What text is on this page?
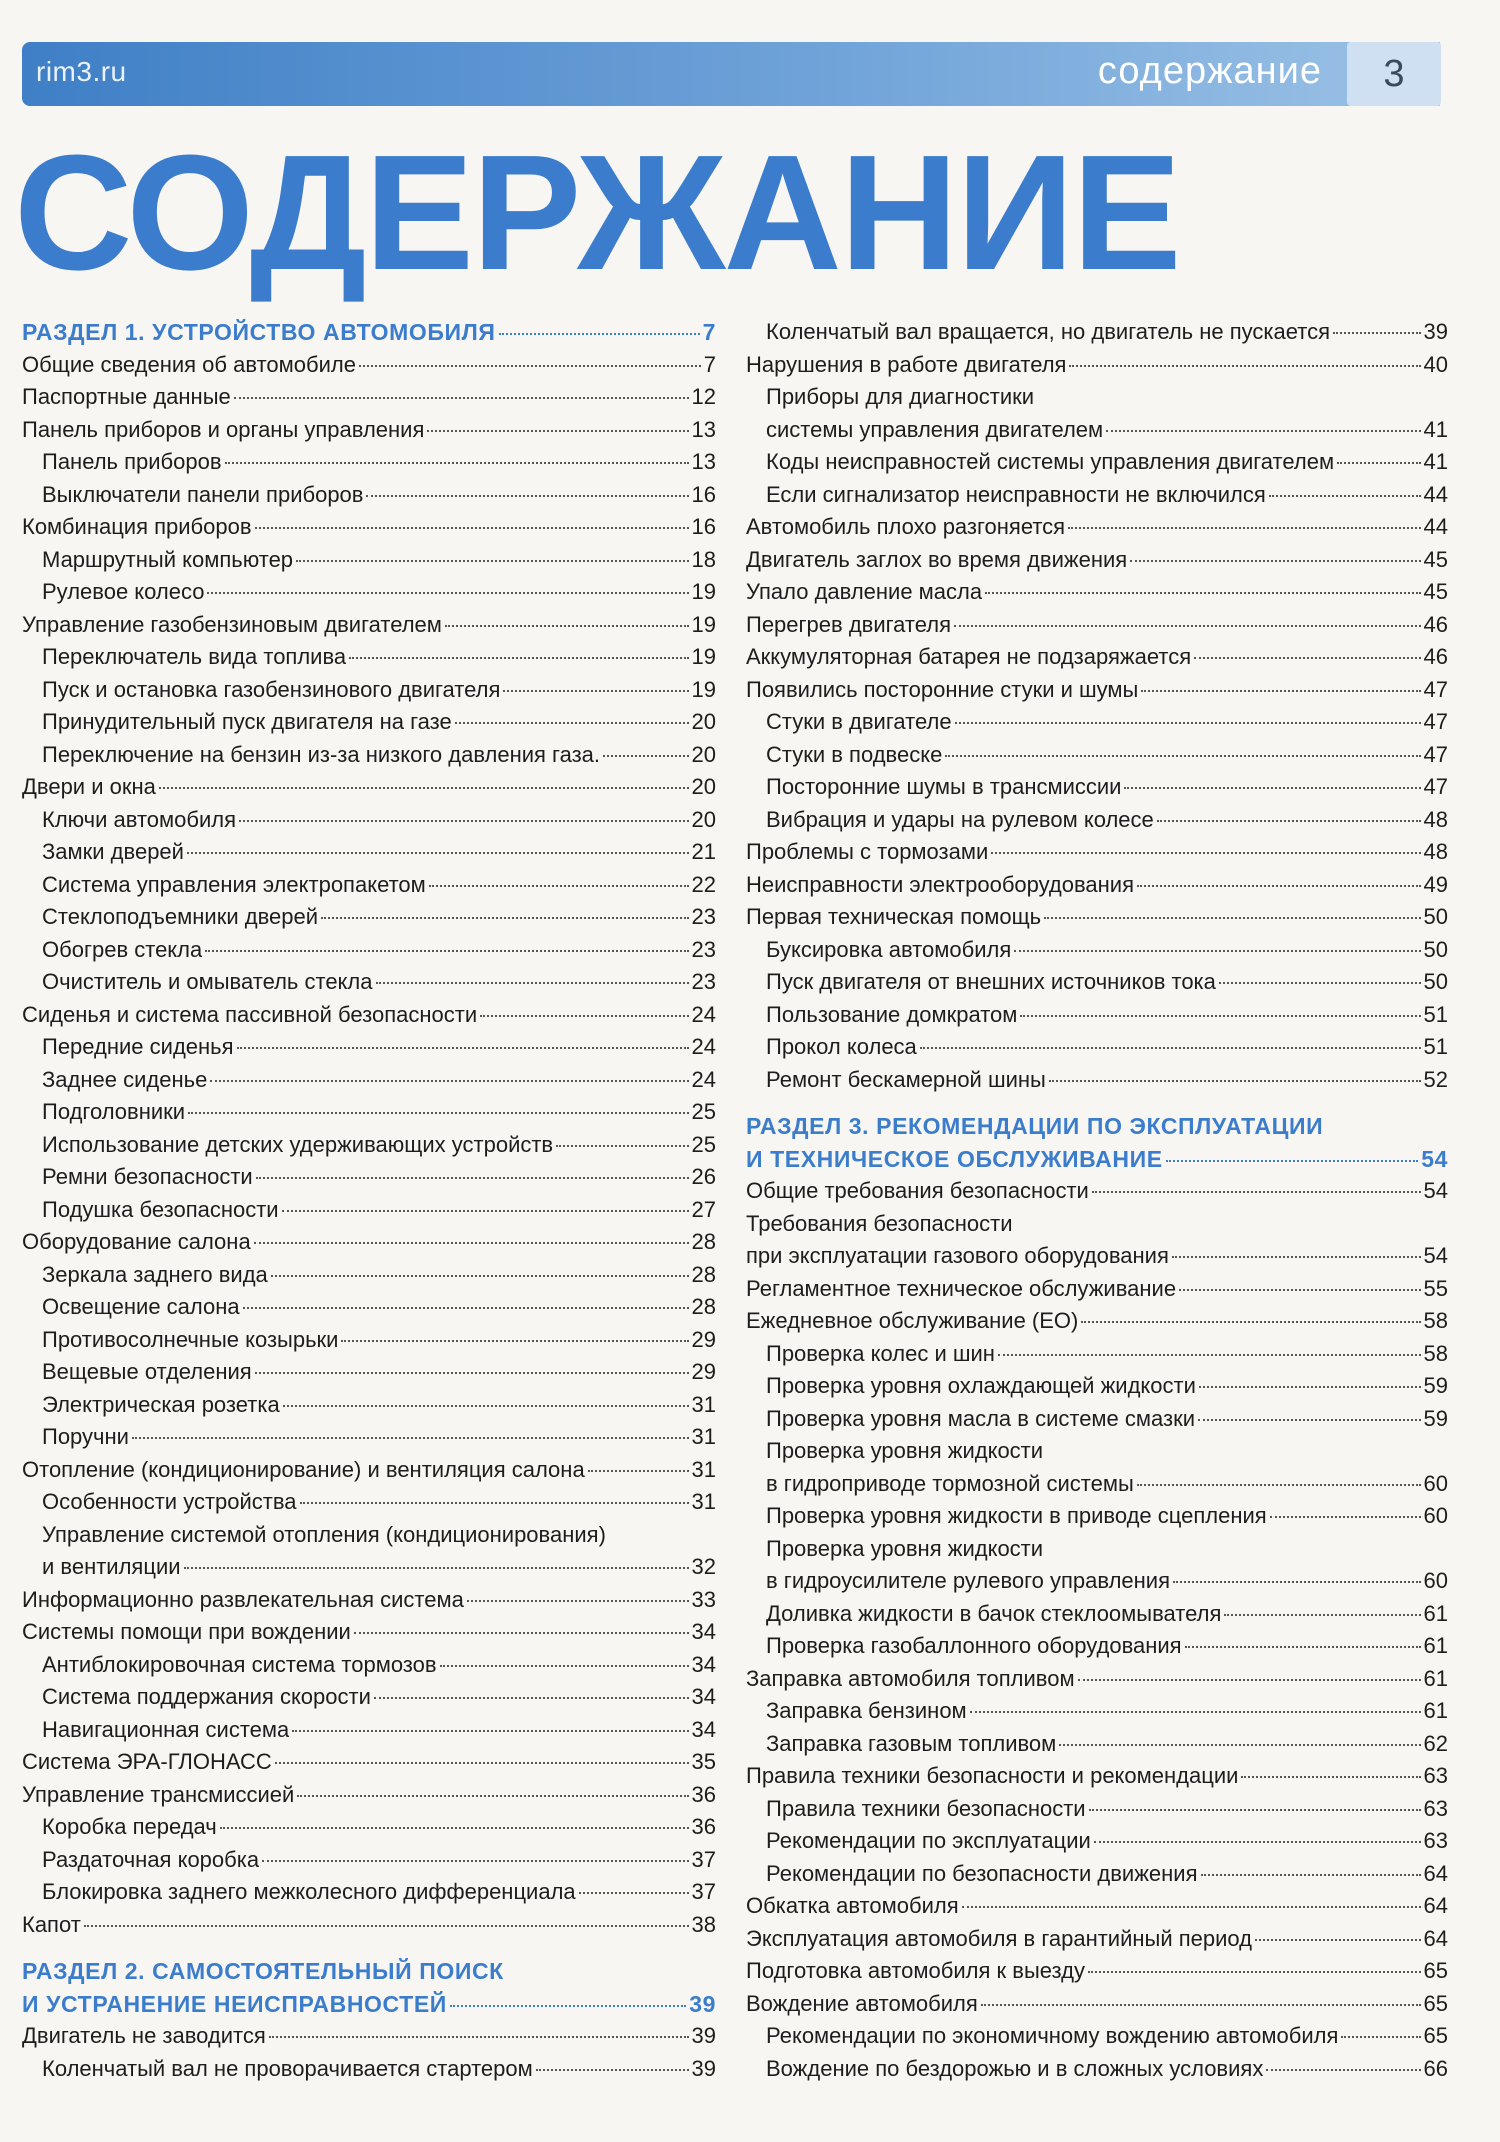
rim3.ru	содержание	3
СОДЕРЖАНИЕ
РАЗДЕЛ 1. УСТРОЙСТВО АВТОМОБИЛЯ	7
Общие сведения об автомобиле	7
Паспортные данные	12
Панель приборов и органы управления	13
Панель приборов	13
Выключатели панели приборов	16
Комбинация приборов	16
Маршрутный компьютер	18
Рулевое колесо	19
Управление газобензиновым двигателем	19
Переключатель вида топлива	19
Пуск и остановка газобензинового двигателя	19
Принудительный пуск двигателя на газе	20
Переключение на бензин из-за низкого давления газа.	20
Двери и окна	20
Ключи автомобиля	20
Замки дверей	21
Система управления электропакетом	22
Стеклоподъемники дверей	23
Обогрев стекла	23
Очиститель и омыватель стекла	23
Сиденья и система пассивной безопасности	24
Передние сиденья	24
Заднее сиденье	24
Подголовники	25
Использование детских удерживающих устройств	25
Ремни безопасности	26
Подушка безопасности	27
Оборудование салона	28
Зеркала заднего вида	28
Освещение салона	28
Противосолнечные козырьки	29
Вещевые отделения	29
Электрическая розетка	31
Поручни	31
Отопление (кондиционирование) и вентиляция салона	31
Особенности устройства	31
Управление системой отопления (кондиционирования)
и вентиляции	32
Информационно развлекательная система	33
Системы помощи при вождении	34
Антиблокировочная система тормозов	34
Система поддержания скорости	34
Навигационная система	34
Система ЭРА-ГЛОНАСС	35
Управление трансмиссией	36
Коробка передач	36
Раздаточная коробка	37
Блокировка заднего межколесного дифференциала	37
Капот	38
РАЗДЕЛ 2. САМОСТОЯТЕЛЬНЫЙ ПОИСК
И УСТРАНЕНИЕ НЕИСПРАВНОСТЕЙ	39
Двигатель не заводится	39
Коленчатый вал не проворачивается стартером	39
Коленчатый вал вращается, но двигатель не пускается	39
Нарушения в работе двигателя	40
Приборы для диагностики
системы управления двигателем	41
Коды неисправностей системы управления двигателем	41
Если сигнализатор неисправности не включился	44
Автомобиль плохо разгоняется	44
Двигатель заглох во время движения	45
Упало давление масла	45
Перегрев двигателя	46
Аккумуляторная батарея не подзаряжается	46
Появились посторонние стуки и шумы	47
Стуки в двигателе	47
Стуки в подвеске	47
Посторонние шумы в трансмиссии	47
Вибрация и удары на рулевом колесе	48
Проблемы с тормозами	48
Неисправности электрооборудования	49
Первая техническая помощь	50
Буксировка автомобиля	50
Пуск двигателя от внешних источников тока	50
Пользование домкратом	51
Прокол колеса	51
Ремонт бескамерной шины	52
РАЗДЕЛ 3. РЕКОМЕНДАЦИИ ПО ЭКСПЛУАТАЦИИ
И ТЕХНИЧЕСКОЕ ОБСЛУЖИВАНИЕ	54
Общие требования безопасности	54
Требования безопасности
при эксплуатации газового оборудования	54
Регламентное техническое обслуживание	55
Ежедневное обслуживание (ЕО)	58
Проверка колес и шин	58
Проверка уровня охлаждающей жидкости	59
Проверка уровня масла в системе смазки	59
Проверка уровня жидкости
в гидроприводе тормозной системы	60
Проверка уровня жидкости в приводе сцепления	60
Проверка уровня жидкости
в гидроусилителе рулевого управления	60
Доливка жидкости в бачок стеклоомывателя	61
Проверка газобаллонного оборудования	61
Заправка автомобиля топливом	61
Заправка бензином	61
Заправка газовым топливом	62
Правила техники безопасности и рекомендации	63
Правила техники безопасности	63
Рекомендации по эксплуатации	63
Рекомендации по безопасности движения	64
Обкатка автомобиля	64
Эксплуатация автомобиля в гарантийный период	64
Подготовка автомобиля к выезду	65
Вождение автомобиля	65
Рекомендации по экономичному вождению автомобиля	65
Вождение по бездорожью и в сложных условиях	66
